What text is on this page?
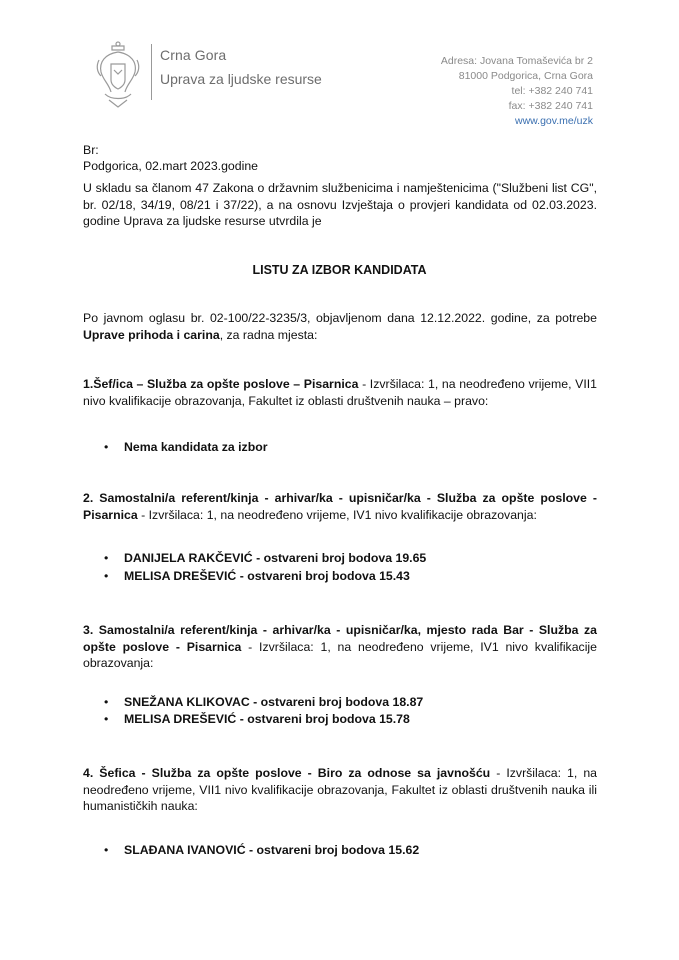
Crna Gora
Uprava za ljudske resurse
Adresa: Jovana Tomaševića br 2
81000 Podgorica, Crna Gora
tel: +382 240 741
fax: +382 240 741
www.gov.me/uzk
Br:
Podgorica, 02.mart 2023.godine
U skladu sa članom 47 Zakona o državnim službenicima i namještenicima ("Službeni list CG", br. 02/18, 34/19, 08/21 i 37/22), a na osnovu Izvještaja o provjeri kandidata od 02.03.2023. godine Uprava za ljudske resurse utvrdila je
LISTU ZA IZBOR KANDIDATA
Po javnom oglasu br. 02-100/22-3235/3, objavljenom dana 12.12.2022. godine, za potrebe Uprave prihoda i carina, za radna mjesta:
1.Šef/ica – Služba za opšte poslove – Pisarnica - Izvršilaca: 1, na neodređeno vrijeme, VII1 nivo kvalifikacije obrazovanja, Fakultet iz oblasti društvenih nauka – pravo:
• Nema kandidata za izbor
2. Samostalni/a referent/kinja - arhivar/ka - upisničar/ka - Služba za opšte poslove - Pisarnica - Izvršilaca: 1, na neodređeno vrijeme, IV1 nivo kvalifikacije obrazovanja:
• DANIJELA RAKČEVIĆ - ostvareni broj bodova 19.65
• MELISA DREŠEVIĆ - ostvareni broj bodova 15.43
3. Samostalni/a referent/kinja - arhivar/ka - upisničar/ka, mjesto rada Bar - Služba za opšte poslove - Pisarnica - Izvršilaca: 1, na neodređeno vrijeme, IV1 nivo kvalifikacije obrazovanja:
• SNEŽANA KLIKOVAC - ostvareni broj bodova 18.87
• MELISA DREŠEVIĆ - ostvareni broj bodova 15.78
4. Šefica - Služba za opšte poslove - Biro za odnose sa javnošću - Izvršilaca: 1, na neodređeno vrijeme, VII1 nivo kvalifikacije obrazovanja, Fakultet iz oblasti društvenih nauka ili humanističkih nauka:
• SLAĐANA IVANOVIĆ - ostvareni broj bodova 15.62
